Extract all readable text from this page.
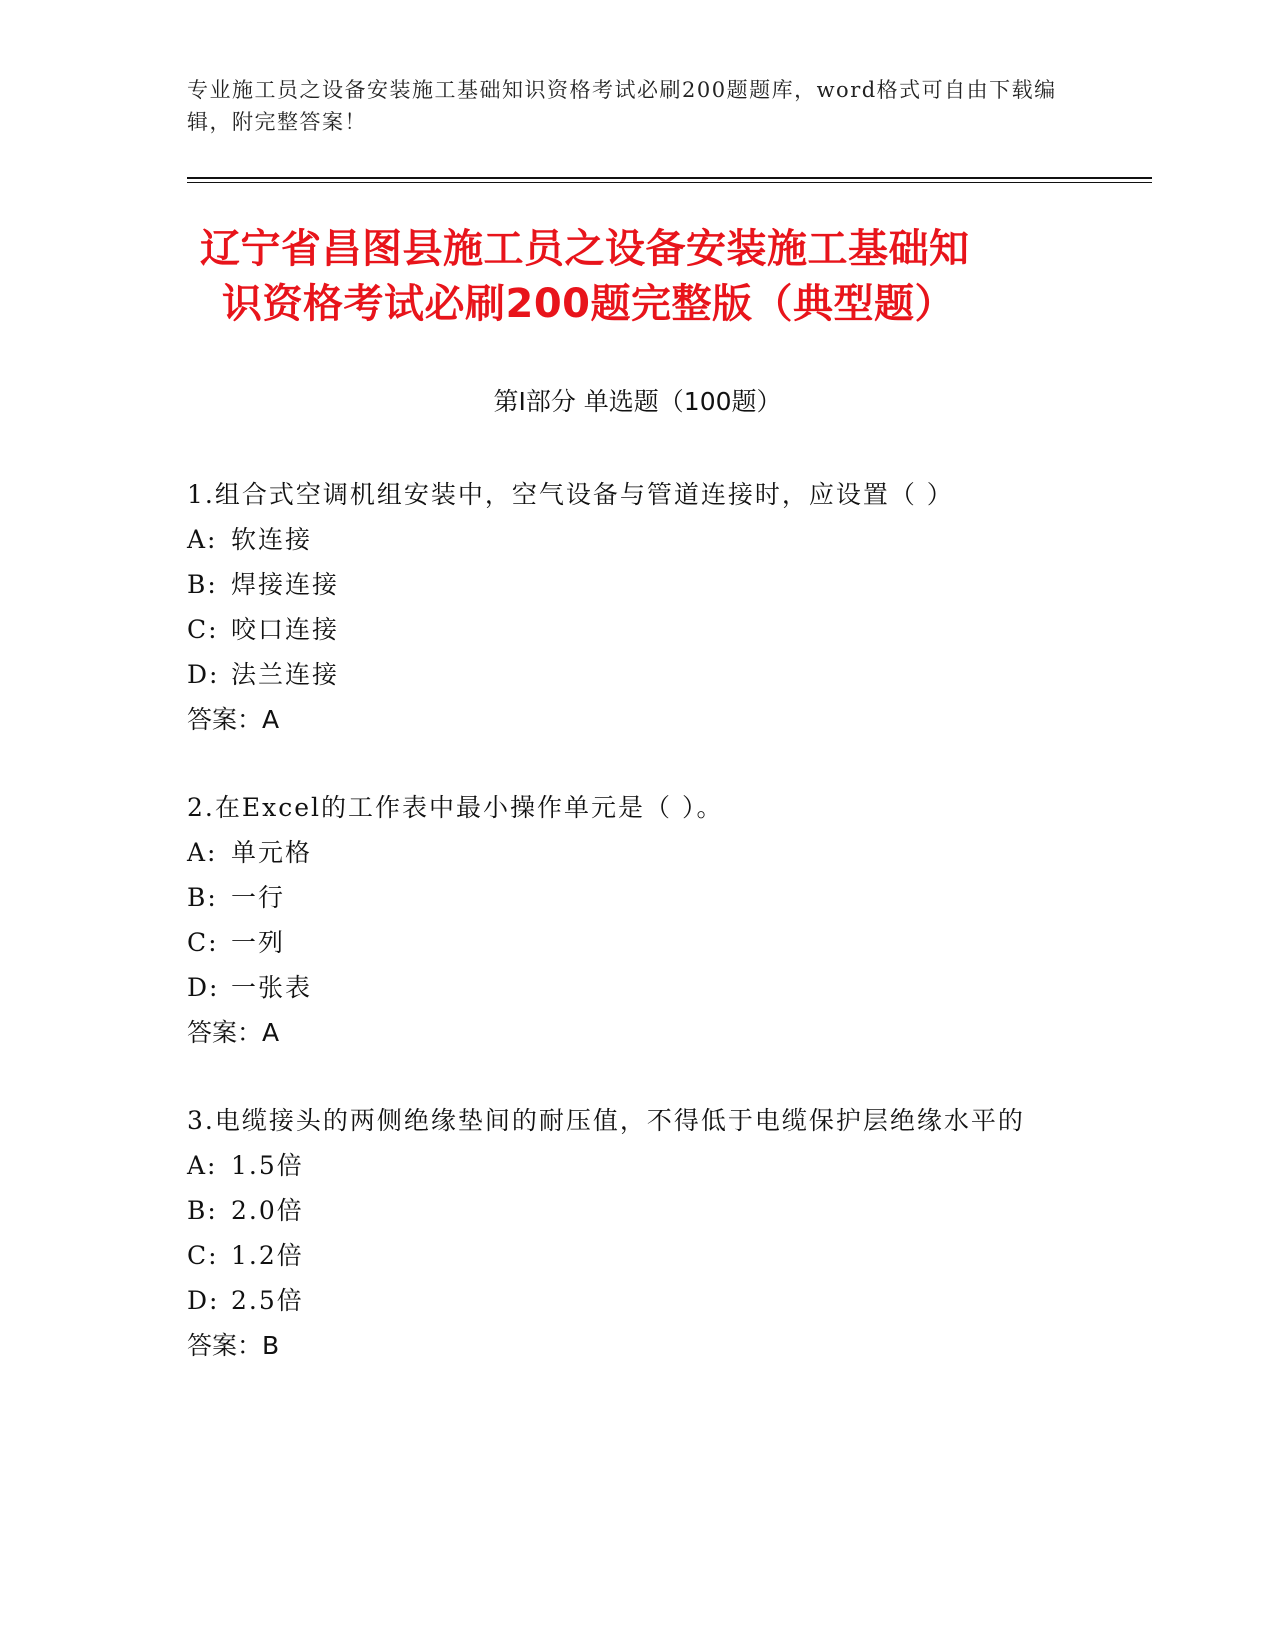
专业施工员之设备安装施工基础知识资格考试必刷200题题库，word格式可自由下载编辑，附完整答案！
辽宁省昌图县施工员之设备安装施工基础知
识资格考试必刷200题完整版（典型题）
第I部分 单选题（100题）
1.组合式空调机组安装中，空气设备与管道连接时，应设置（ ）
A: 软连接
B: 焊接连接
C: 咬口连接
D: 法兰连接
答案：A
2.在Excel的工作表中最小操作单元是（ ）。
A: 单元格
B: 一行
C: 一列
D: 一张表
答案：A
3.电缆接头的两侧绝缘垫间的耐压值，不得低于电缆保护层绝缘水平的
A: 1.5倍
B: 2.0倍
C: 1.2倍
D: 2.5倍
答案：B
